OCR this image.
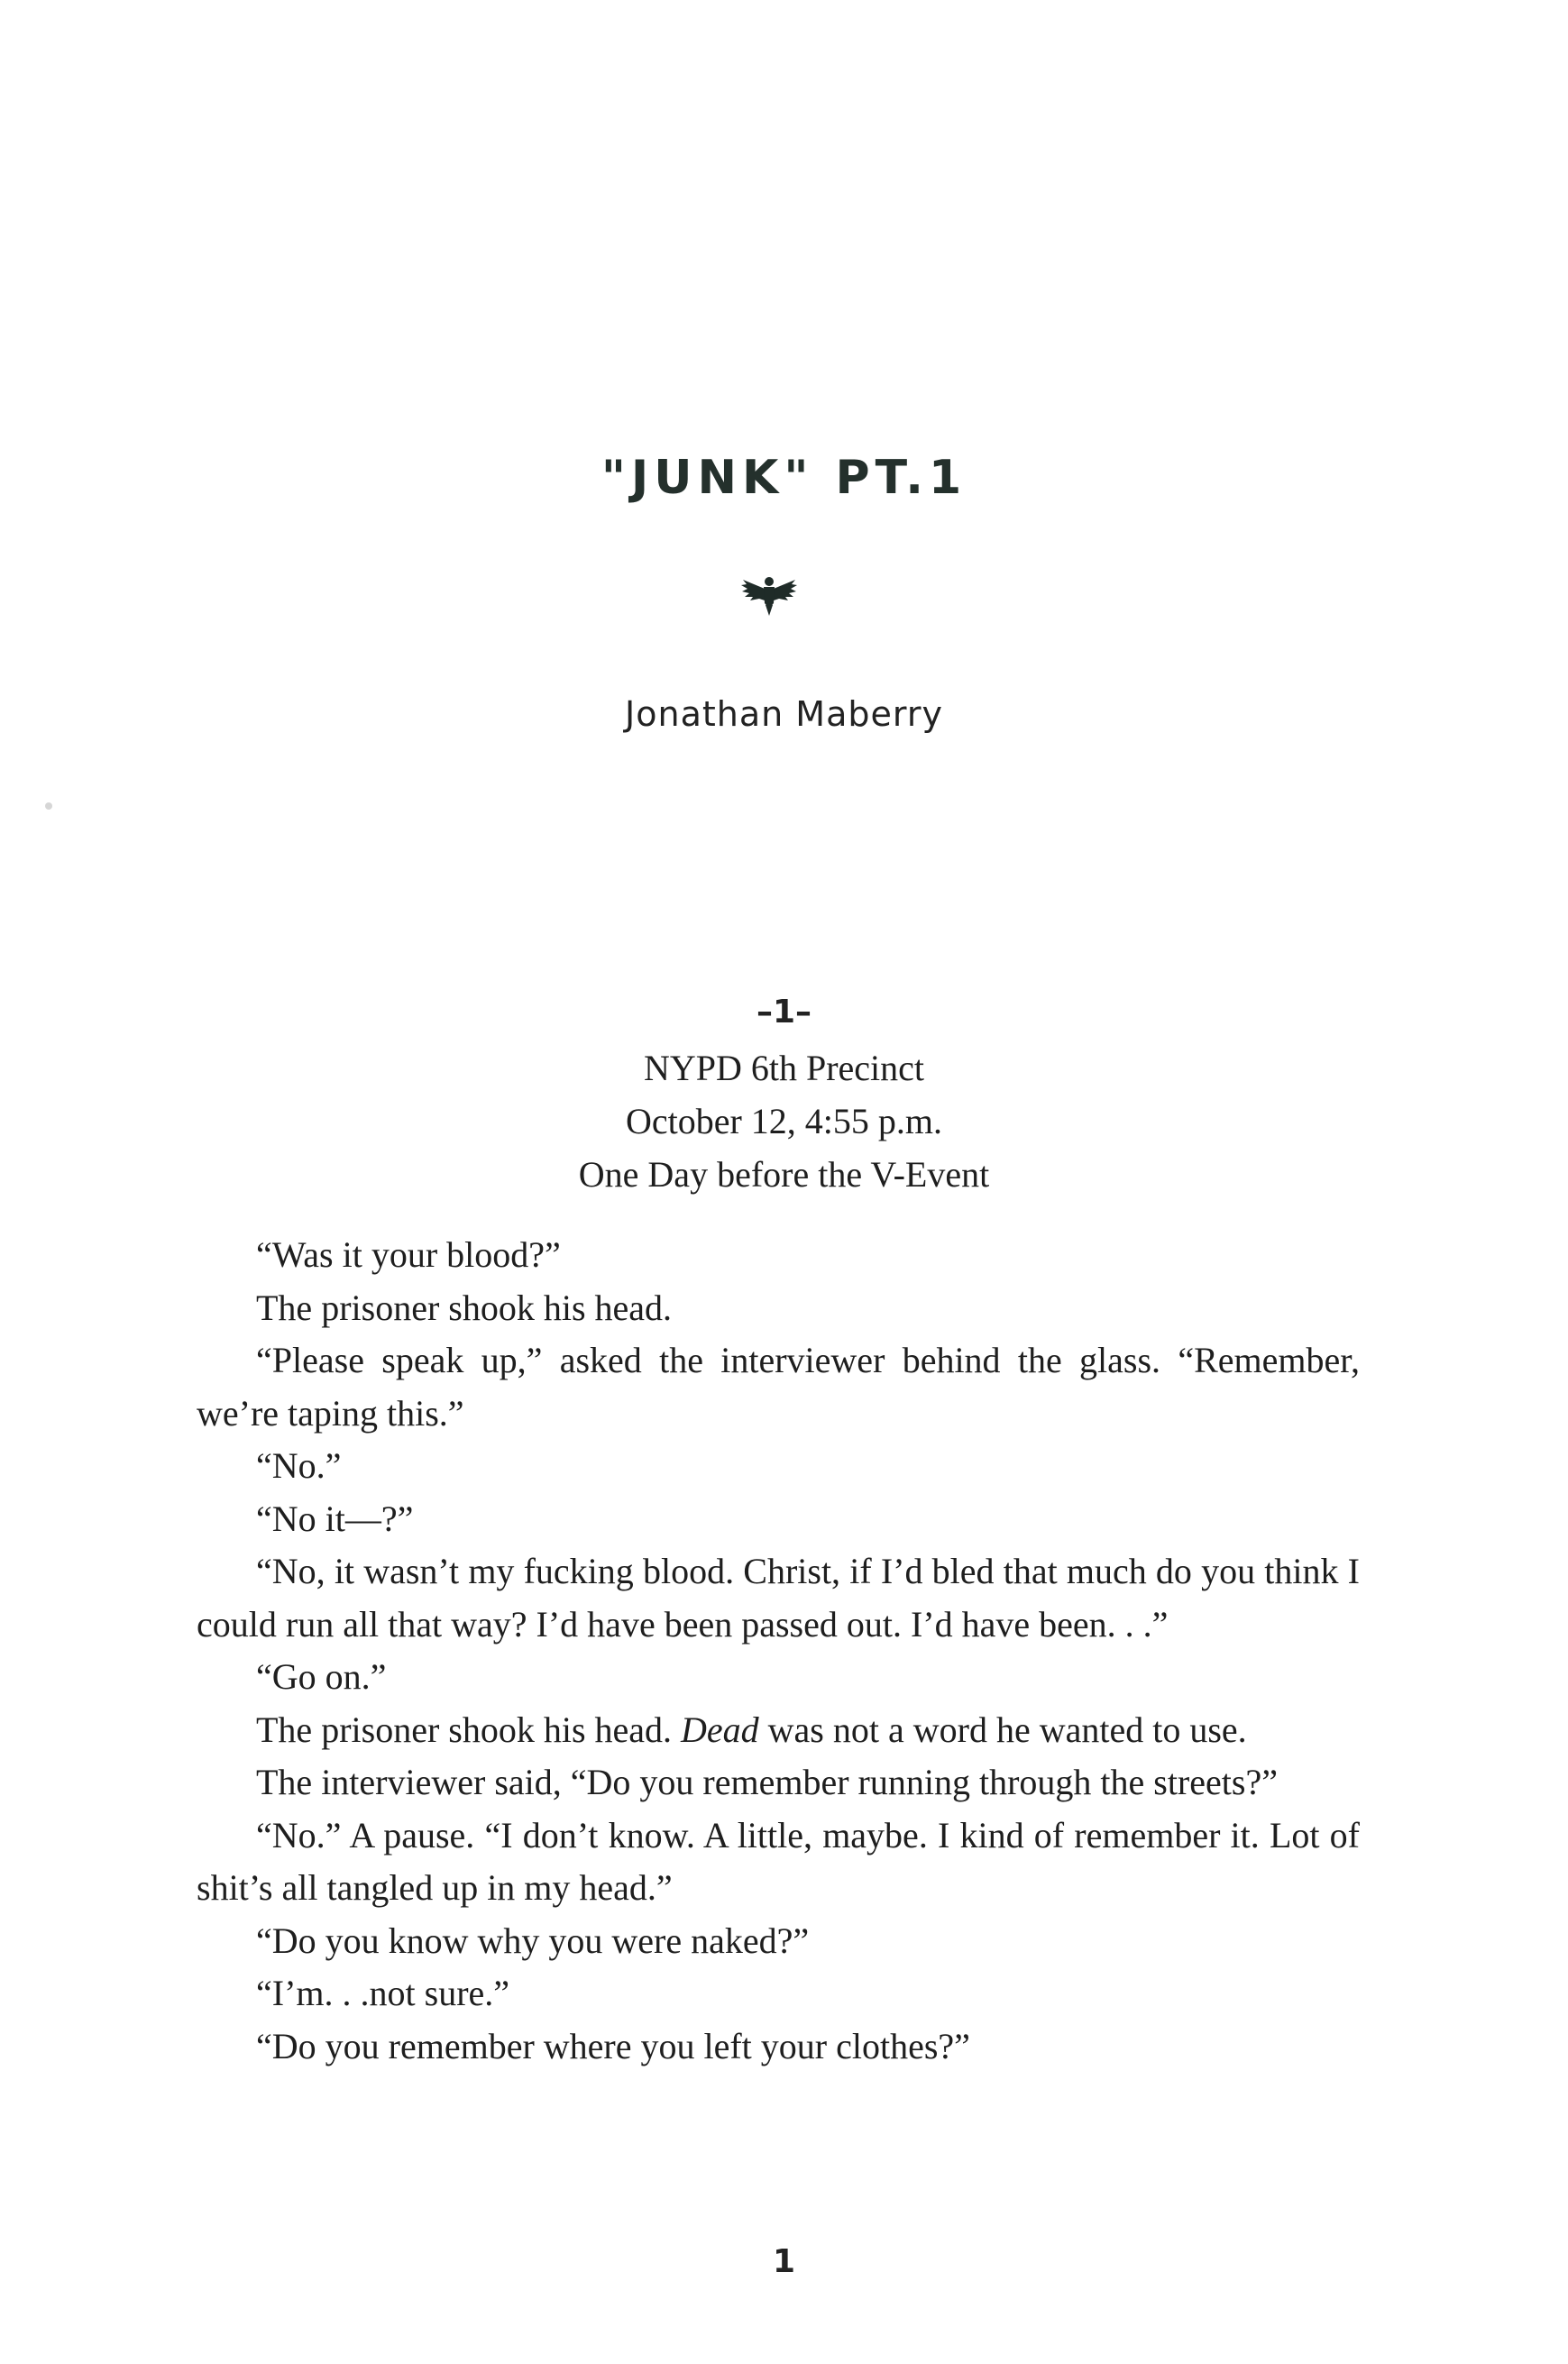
"JUNK" PT.1
Jonathan Maberry
–1–
NYPD 6th Precinct
October 12, 4:55 p.m.
One Day before the V-Event

“Was it your blood?”

The prisoner shook his head.

“Please speak up,” asked the interviewer behind the glass. “Remember, we’re taping this.”

“No.”

“No it—?”

“No, it wasn’t my fucking blood. Christ, if I’d bled that much do you think I could run all that way? I’d have been passed out. I’d have been. . .”

“Go on.”

The prisoner shook his head. Dead was not a word he wanted to use.

The interviewer said, “Do you remember running through the streets?”

“No.” A pause. “I don’t know. A little, maybe. I kind of remember it. Lot of shit’s all tangled up in my head.”

“Do you know why you were naked?”

“I’m. . .not sure.”

“Do you remember where you left your clothes?”

1
